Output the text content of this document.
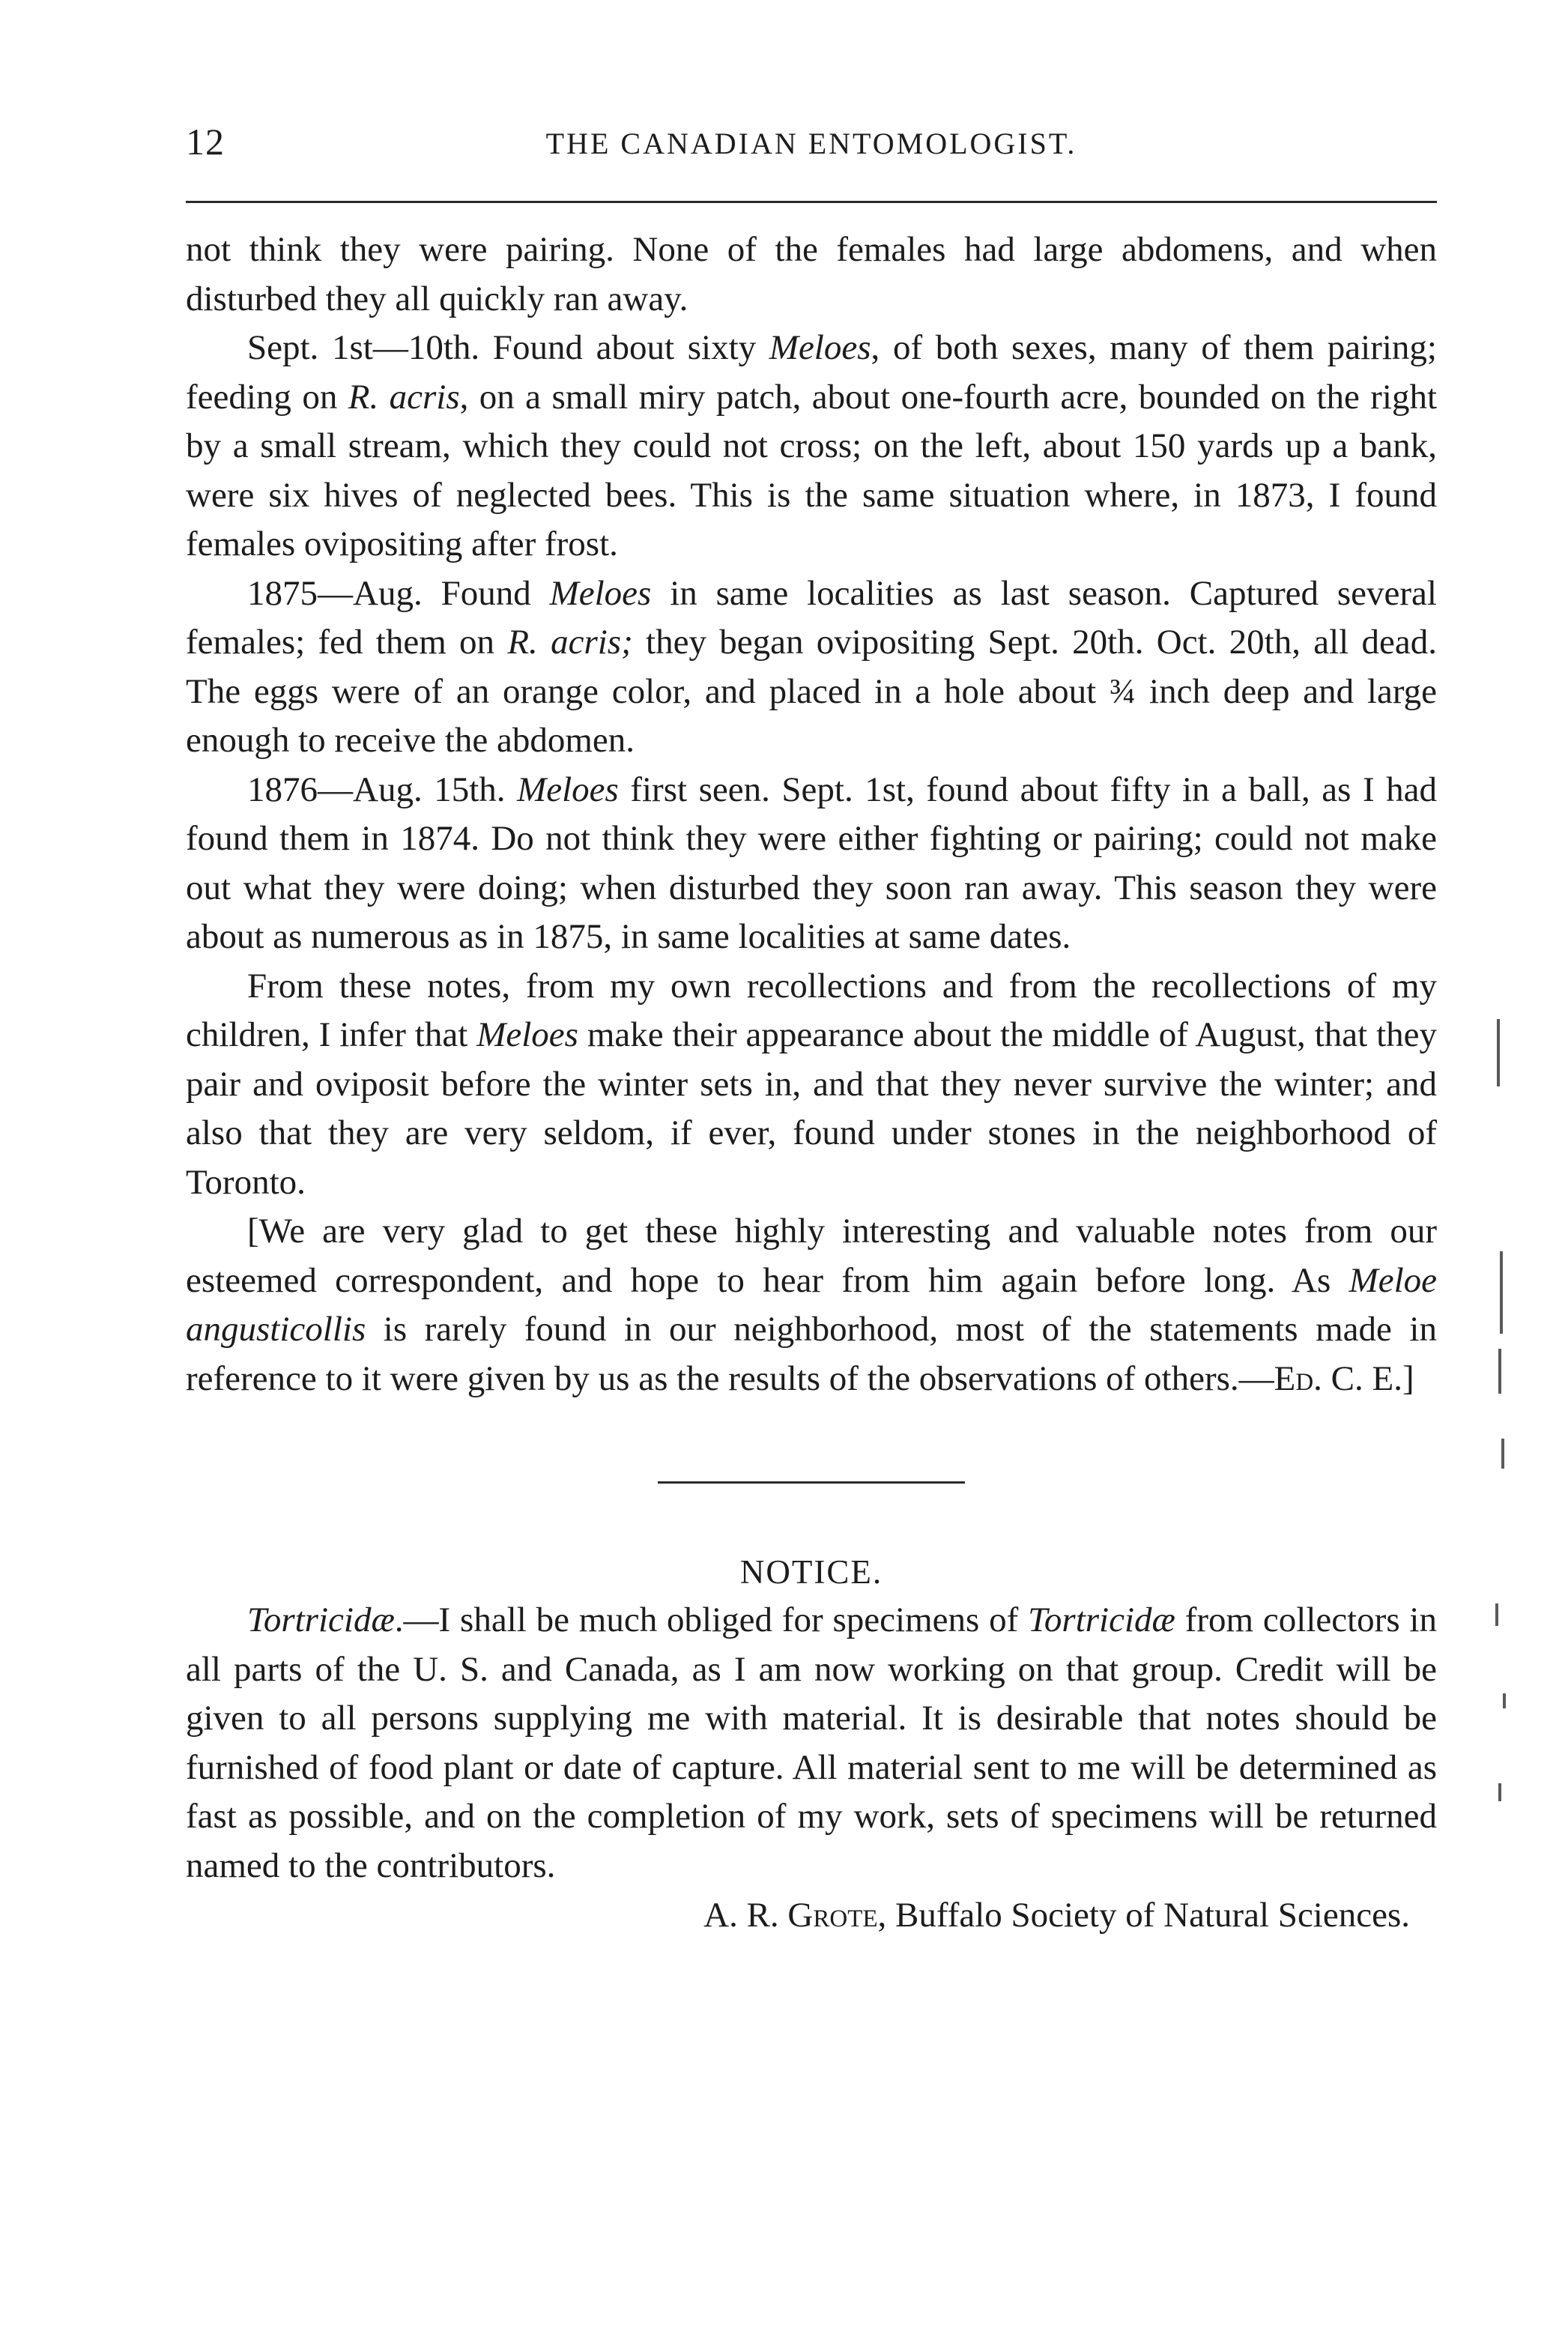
12	THE CANADIAN ENTOMOLOGIST.

not think they were pairing. None of the females had large abdomens, and when disturbed they all quickly ran away.

Sept. 1st—10th. Found about sixty Meloes, of both sexes, many of them pairing; feeding on R. acris, on a small miry patch, about one-fourth acre, bounded on the right by a small stream, which they could not cross; on the left, about 150 yards up a bank, were six hives of neglected bees. This is the same situation where, in 1873, I found females ovipositing after frost.

1875—Aug. Found Meloes in same localities as last season. Captured several females; fed them on R. acris; they began ovipositing Sept. 20th. Oct. 20th, all dead. The eggs were of an orange color, and placed in a hole about ¾ inch deep and large enough to receive the abdomen.

1876—Aug. 15th. Meloes first seen. Sept. 1st, found about fifty in a ball, as I had found them in 1874. Do not think they were either fighting or pairing; could not make out what they were doing; when disturbed they soon ran away. This season they were about as numerous as in 1875, in same localities at same dates.

From these notes, from my own recollections and from the recollections of my children, I infer that Meloes make their appearance about the middle of August, that they pair and oviposit before the winter sets in, and that they never survive the winter; and also that they are very seldom, if ever, found under stones in the neighborhood of Toronto.

[We are very glad to get these highly interesting and valuable notes from our esteemed correspondent, and hope to hear from him again before long. As Meloe angusticollis is rarely found in our neighborhood, most of the statements made in reference to it were given by us as the results of the observations of others.—Ed. C. E.]

NOTICE.

Tortricidæ.—I shall be much obliged for specimens of Tortricidæ from collectors in all parts of the U. S. and Canada, as I am now working on that group. Credit will be given to all persons supplying me with material. It is desirable that notes should be furnished of food plant or date of capture. All material sent to me will be determined as fast as possible, and on the completion of my work, sets of specimens will be returned named to the contributors.

A. R. Grote, Buffalo Society of Natural Sciences.
